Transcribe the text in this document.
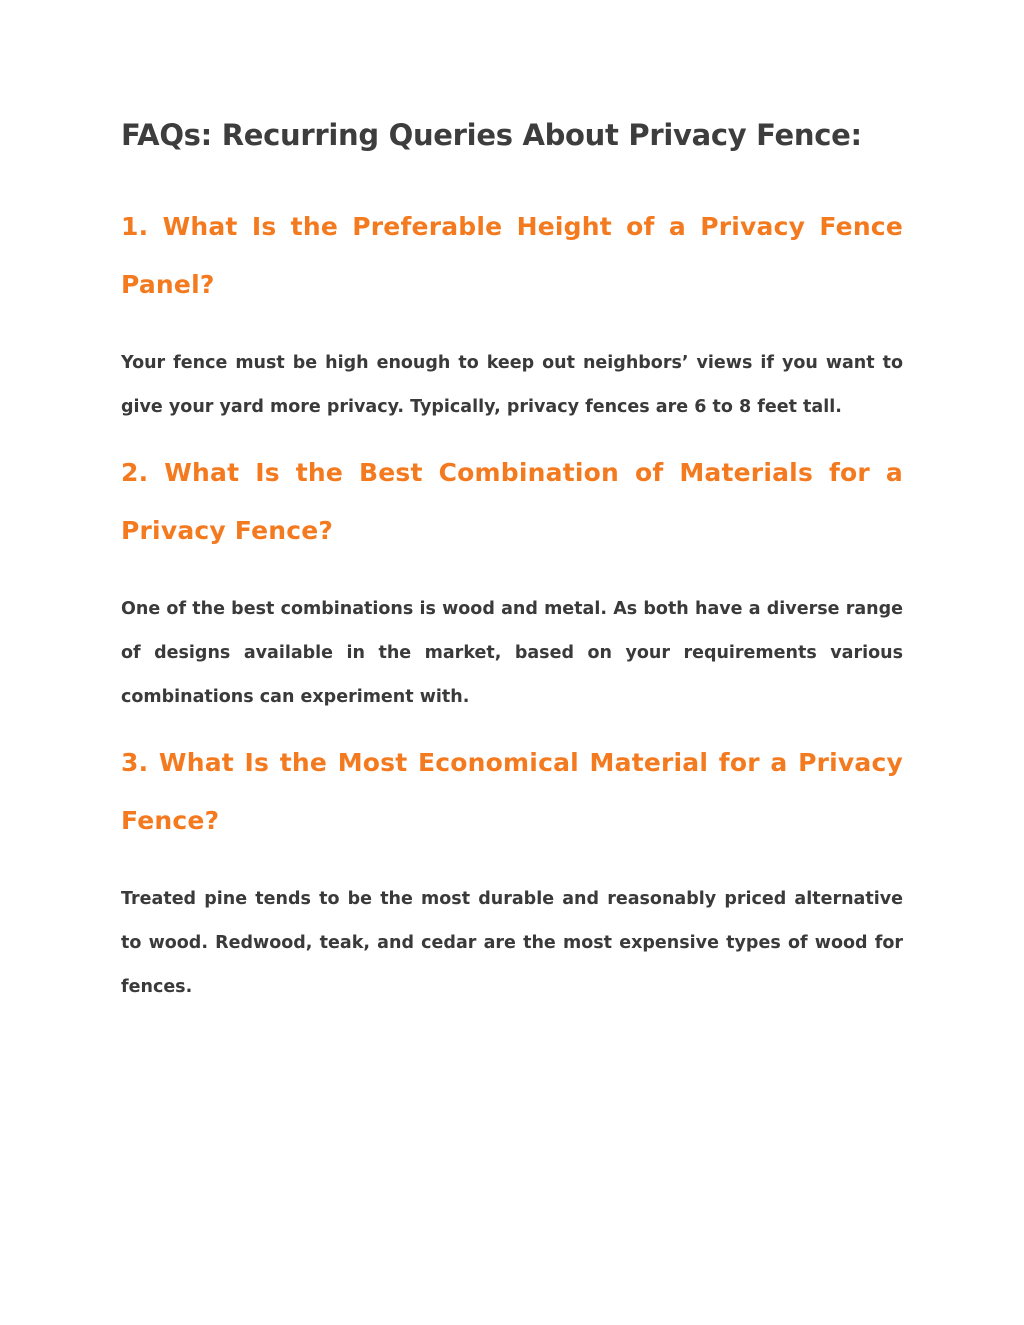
FAQs: Recurring Queries About Privacy Fence:
1. What Is the Preferable Height of a Privacy Fence Panel?

Your fence must be high enough to keep out neighbors’ views if you want to give your yard more privacy. Typically, privacy fences are 6 to 8 feet tall.

2. What Is the Best Combination of Materials for a Privacy Fence?

One of the best combinations is wood and metal. As both have a diverse range of designs available in the market, based on your requirements various combinations can experiment with.

3. What Is the Most Economical Material for a Privacy Fence?

Treated pine tends to be the most durable and reasonably priced alternative to wood. Redwood, teak, and cedar are the most expensive types of wood for fences.
